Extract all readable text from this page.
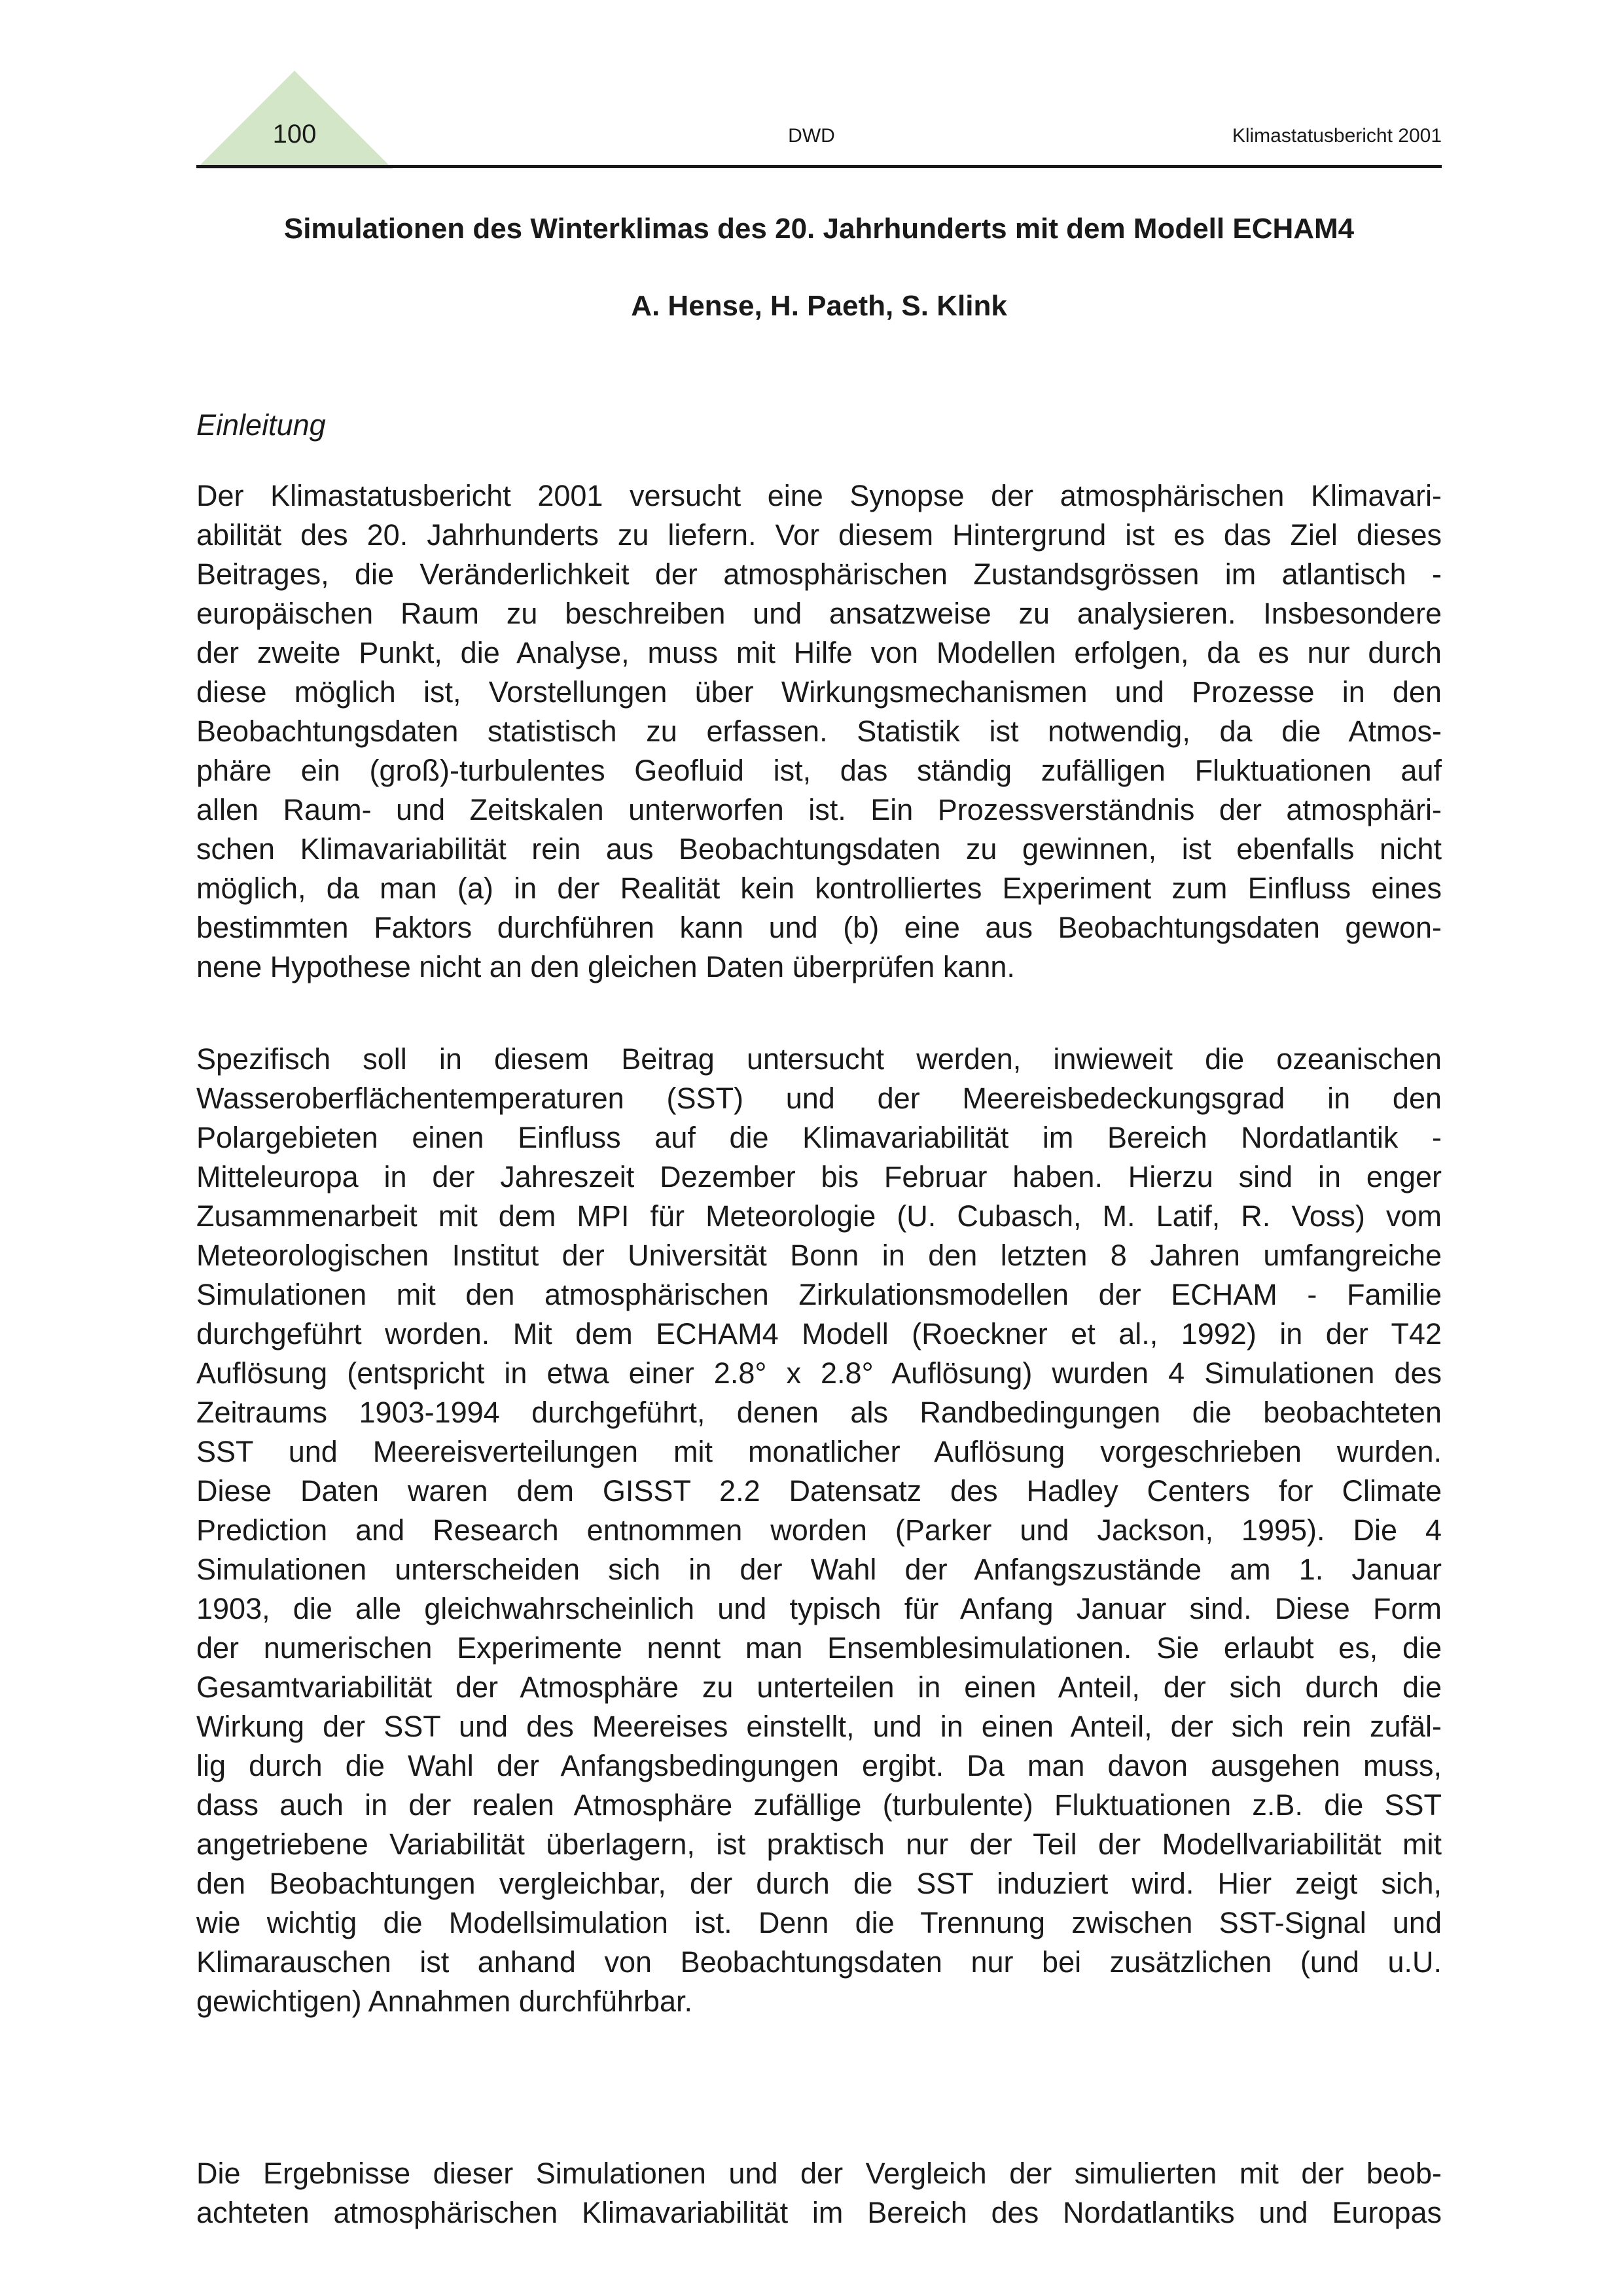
100	DWD	Klimastatusbericht 2001
Simulationen des Winterklimas des 20. Jahrhunderts mit dem Modell ECHAM4
A. Hense, H. Paeth, S. Klink
Einleitung
Der Klimastatusbericht 2001 versucht eine Synopse der atmosphärischen Klimavari-
abilität des 20. Jahrhunderts zu liefern. Vor diesem Hintergrund ist es das Ziel dieses
Beitrages, die Veränderlichkeit der atmosphärischen Zustandsgrössen im atlantisch -
europäischen Raum zu beschreiben und ansatzweise zu analysieren. Insbesondere
der zweite Punkt, die Analyse, muss mit Hilfe von Modellen erfolgen, da es nur durch
diese möglich ist, Vorstellungen über Wirkungsmechanismen und Prozesse in den
Beobachtungsdaten statistisch zu erfassen. Statistik ist notwendig, da die Atmos-
phäre ein (groß)-turbulentes Geofluid ist, das ständig zufälligen Fluktuationen auf
allen Raum- und Zeitskalen unterworfen ist. Ein Prozessverständnis der atmosphäri-
schen Klimavariabilität rein aus Beobachtungsdaten zu gewinnen, ist ebenfalls nicht
möglich, da man (a) in der Realität kein kontrolliertes Experiment zum Einfluss eines
bestimmten Faktors durchführen kann und (b) eine aus Beobachtungsdaten gewon-
nene Hypothese nicht an den gleichen Daten überprüfen kann.
Spezifisch soll in diesem Beitrag untersucht werden, inwieweit die ozeanischen
Wasseroberflächentemperaturen (SST) und der Meereisbedeckungsgrad in den
Polargebieten einen Einfluss auf die Klimavariabilität im Bereich Nordatlantik -
Mitteleuropa in der Jahreszeit Dezember bis Februar haben. Hierzu sind in enger
Zusammenarbeit mit dem MPI für Meteorologie (U. Cubasch, M. Latif, R. Voss) vom
Meteorologischen Institut der Universität Bonn in den letzten 8 Jahren umfangreiche
Simulationen mit den atmosphärischen Zirkulationsmodellen der ECHAM - Familie
durchgeführt worden. Mit dem ECHAM4 Modell (Roeckner et al., 1992) in der T42
Auflösung (entspricht in etwa einer 2.8° x 2.8° Auflösung) wurden 4 Simulationen des
Zeitraums 1903-1994 durchgeführt, denen als Randbedingungen die beobachteten
SST und Meereisverteilungen mit monatlicher Auflösung vorgeschrieben wurden.
Diese Daten waren dem GISST 2.2 Datensatz des Hadley Centers for Climate
Prediction and Research entnommen worden (Parker und Jackson, 1995). Die 4
Simulationen unterscheiden sich in der Wahl der Anfangszustände am 1. Januar
1903, die alle gleichwahrscheinlich und typisch für Anfang Januar sind. Diese Form
der numerischen Experimente nennt man Ensemblesimulationen. Sie erlaubt es, die
Gesamtvariabilität der Atmosphäre zu unterteilen in einen Anteil, der sich durch die
Wirkung der SST und des Meereises einstellt, und in einen Anteil, der sich rein zufäl-
lig durch die Wahl der Anfangsbedingungen ergibt. Da man davon ausgehen muss,
dass auch in der realen Atmosphäre zufällige (turbulente) Fluktuationen z.B. die SST
angetriebene Variabilität überlagern, ist praktisch nur der Teil der Modellvariabilität mit
den Beobachtungen vergleichbar, der durch die SST induziert wird. Hier zeigt sich,
wie wichtig die Modellsimulation ist. Denn die Trennung zwischen SST-Signal und
Klimarauschen ist anhand von Beobachtungsdaten nur bei zusätzlichen (und u.U.
gewichtigen) Annahmen durchführbar.
Die Ergebnisse dieser Simulationen und der Vergleich der simulierten mit der beob-
achteten atmosphärischen Klimavariabilität im Bereich des Nordatlantiks und Europas
